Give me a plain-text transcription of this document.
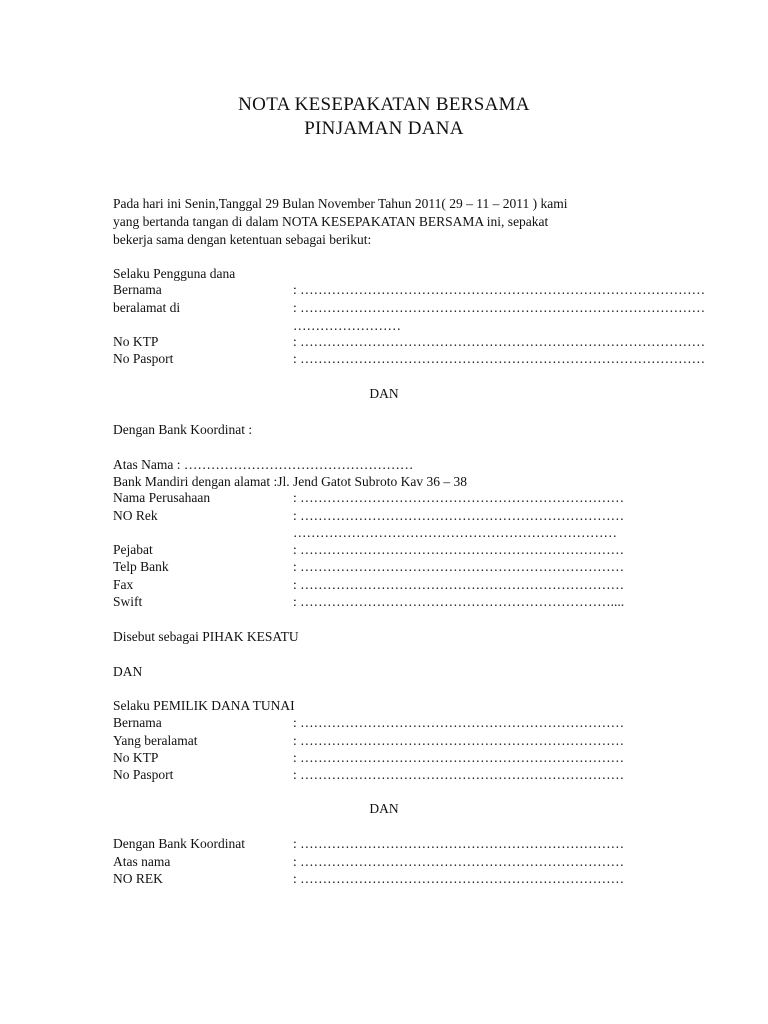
NOTA KESEPAKATAN BERSAMA
PINJAMAN DANA
Pada hari ini Senin,Tanggal 29 Bulan November Tahun 2011( 29 – 11 – 2011 ) kami
yang bertanda tangan di dalam NOTA KESEPAKATAN BERSAMA ini, sepakat
bekerja sama dengan ketentuan sebagai berikut:
Selaku Pengguna dana
Bernama	: ………………………………………………………………………………
beralamat di	: ………………………………………………………………………………
……………………
No KTP	: ………………………………………………………………………………
No Pasport	: ………………………………………………………………………………
DAN
Dengan Bank Koordinat :
Atas Nama : ……………………………………………
Bank Mandiri dengan alamat :Jl. Jend Gatot Subroto Kav 36 – 38
Nama Perusahaan	: ………………………………………………………………
NO Rek	: ………………………………………………………………
………………………………………………………………
Pejabat	: ………………………………………………………………
Telp Bank	: ………………………………………………………………
Fax	: ………………………………………………………………
Swift	: ……………………………………………………………....
Disebut sebagai PIHAK KESATU
DAN
Selaku PEMILIK DANA TUNAI
Bernama	: ………………………………………………………………
Yang beralamat	: ………………………………………………………………
No KTP	: ………………………………………………………………
No Pasport	: ………………………………………………………………
DAN
Dengan Bank Koordinat	: ………………………………………………………………
Atas nama	: ………………………………………………………………
NO REK	: ………………………………………………………………
